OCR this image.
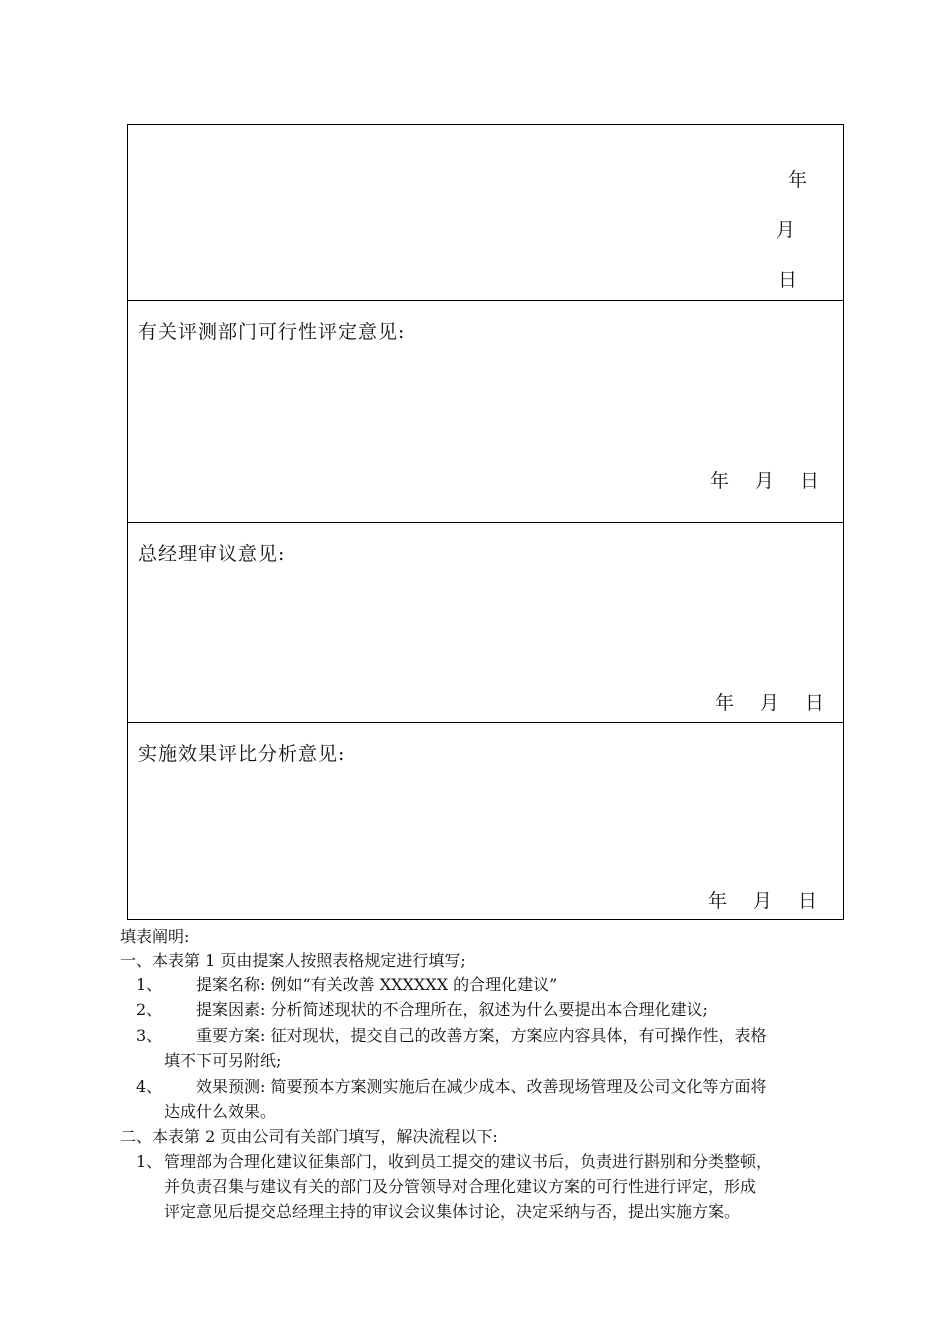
年
月
日
有关评测部门可行性评定意见:
年 月 日
总经理审议意见:
年 月 日
实施效果评比分析意见:
年 月 日
填表阐明:
一、本表第 1 页由提案人按照表格规定进行填写;
1、 提案名称: 例如“有关改善 XXXXXX 的合理化建议”
2、 提案因素: 分析简述现状的不合理所在，叙述为什么要提出本合理化建议;
3、 重要方案: 征对现状，提交自己的改善方案，方案应内容具体，有可操作性，表格
填不下可另附纸;
4、 效果预测: 简要预本方案测实施后在减少成本、改善现场管理及公司文化等方面将
达成什么效果。
二、本表第 2 页由公司有关部门填写，解决流程以下:
1、 管理部为合理化建议征集部门，收到员工提交的建议书后，负责进行斟别和分类整顿，
并负责召集与建议有关的部门及分管领导对合理化建议方案的可行性进行评定，形成
评定意见后提交总经理主持的审议会议集体讨论，决定采纳与否，提出实施方案。
